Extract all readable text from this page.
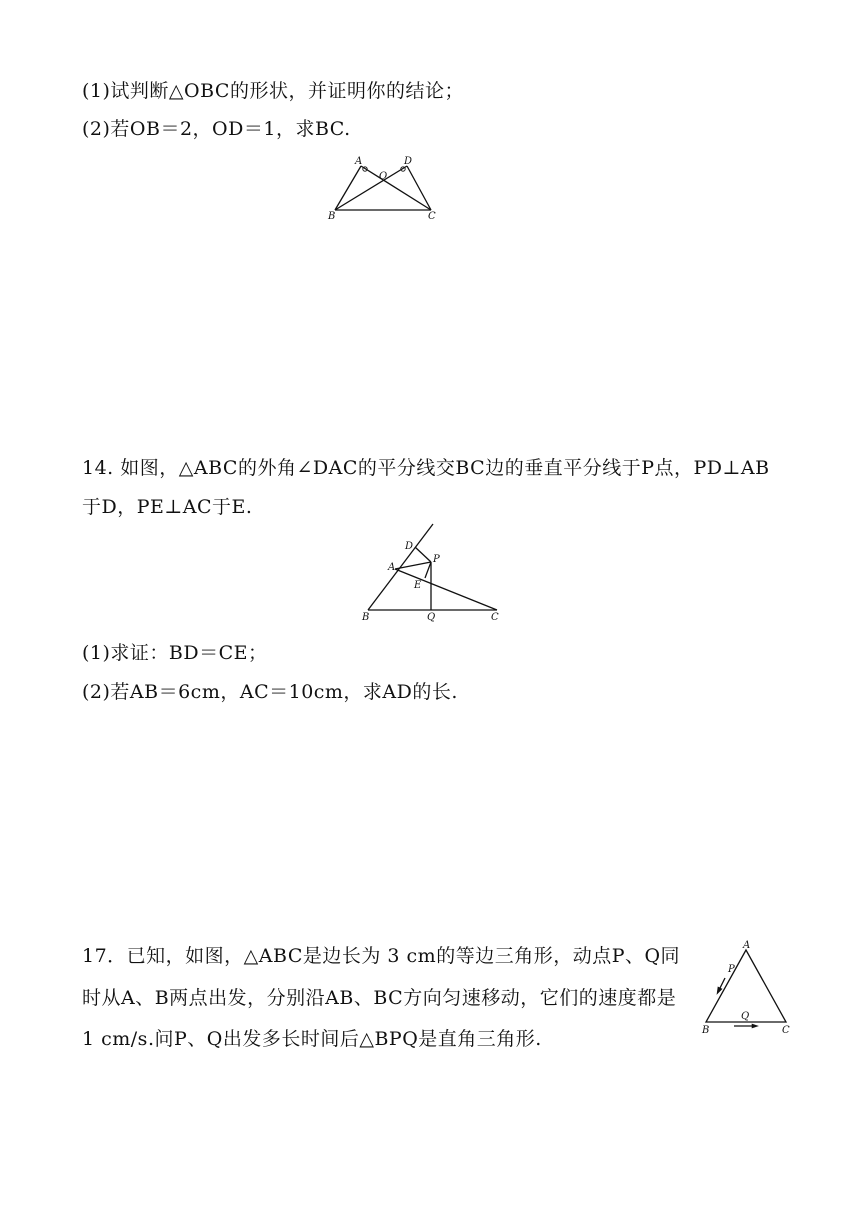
(1)试判断△OBC的形状，并证明你的结论；
(2)若OB＝2，OD＝1，求BC.
A	D
O
B	C
14. 如图，△ABC的外角∠DAC的平分线交BC边的垂直平分线于P点，PD⊥AB
于D，PE⊥AC于E.
D
A
P
E
B	Q	C
(1)求证：BD＝CE；
(2)若AB＝6cm，AC＝10cm，求AD的长.
17．已知，如图，△ABC是边长为 3 cm的等边三角形，动点P、Q同
时从A、B两点出发，分别沿AB、BC方向匀速移动，它们的速度都是
1 cm/s.问P、Q出发多长时间后△BPQ是直角三角形.
A
P
B
Q
C
